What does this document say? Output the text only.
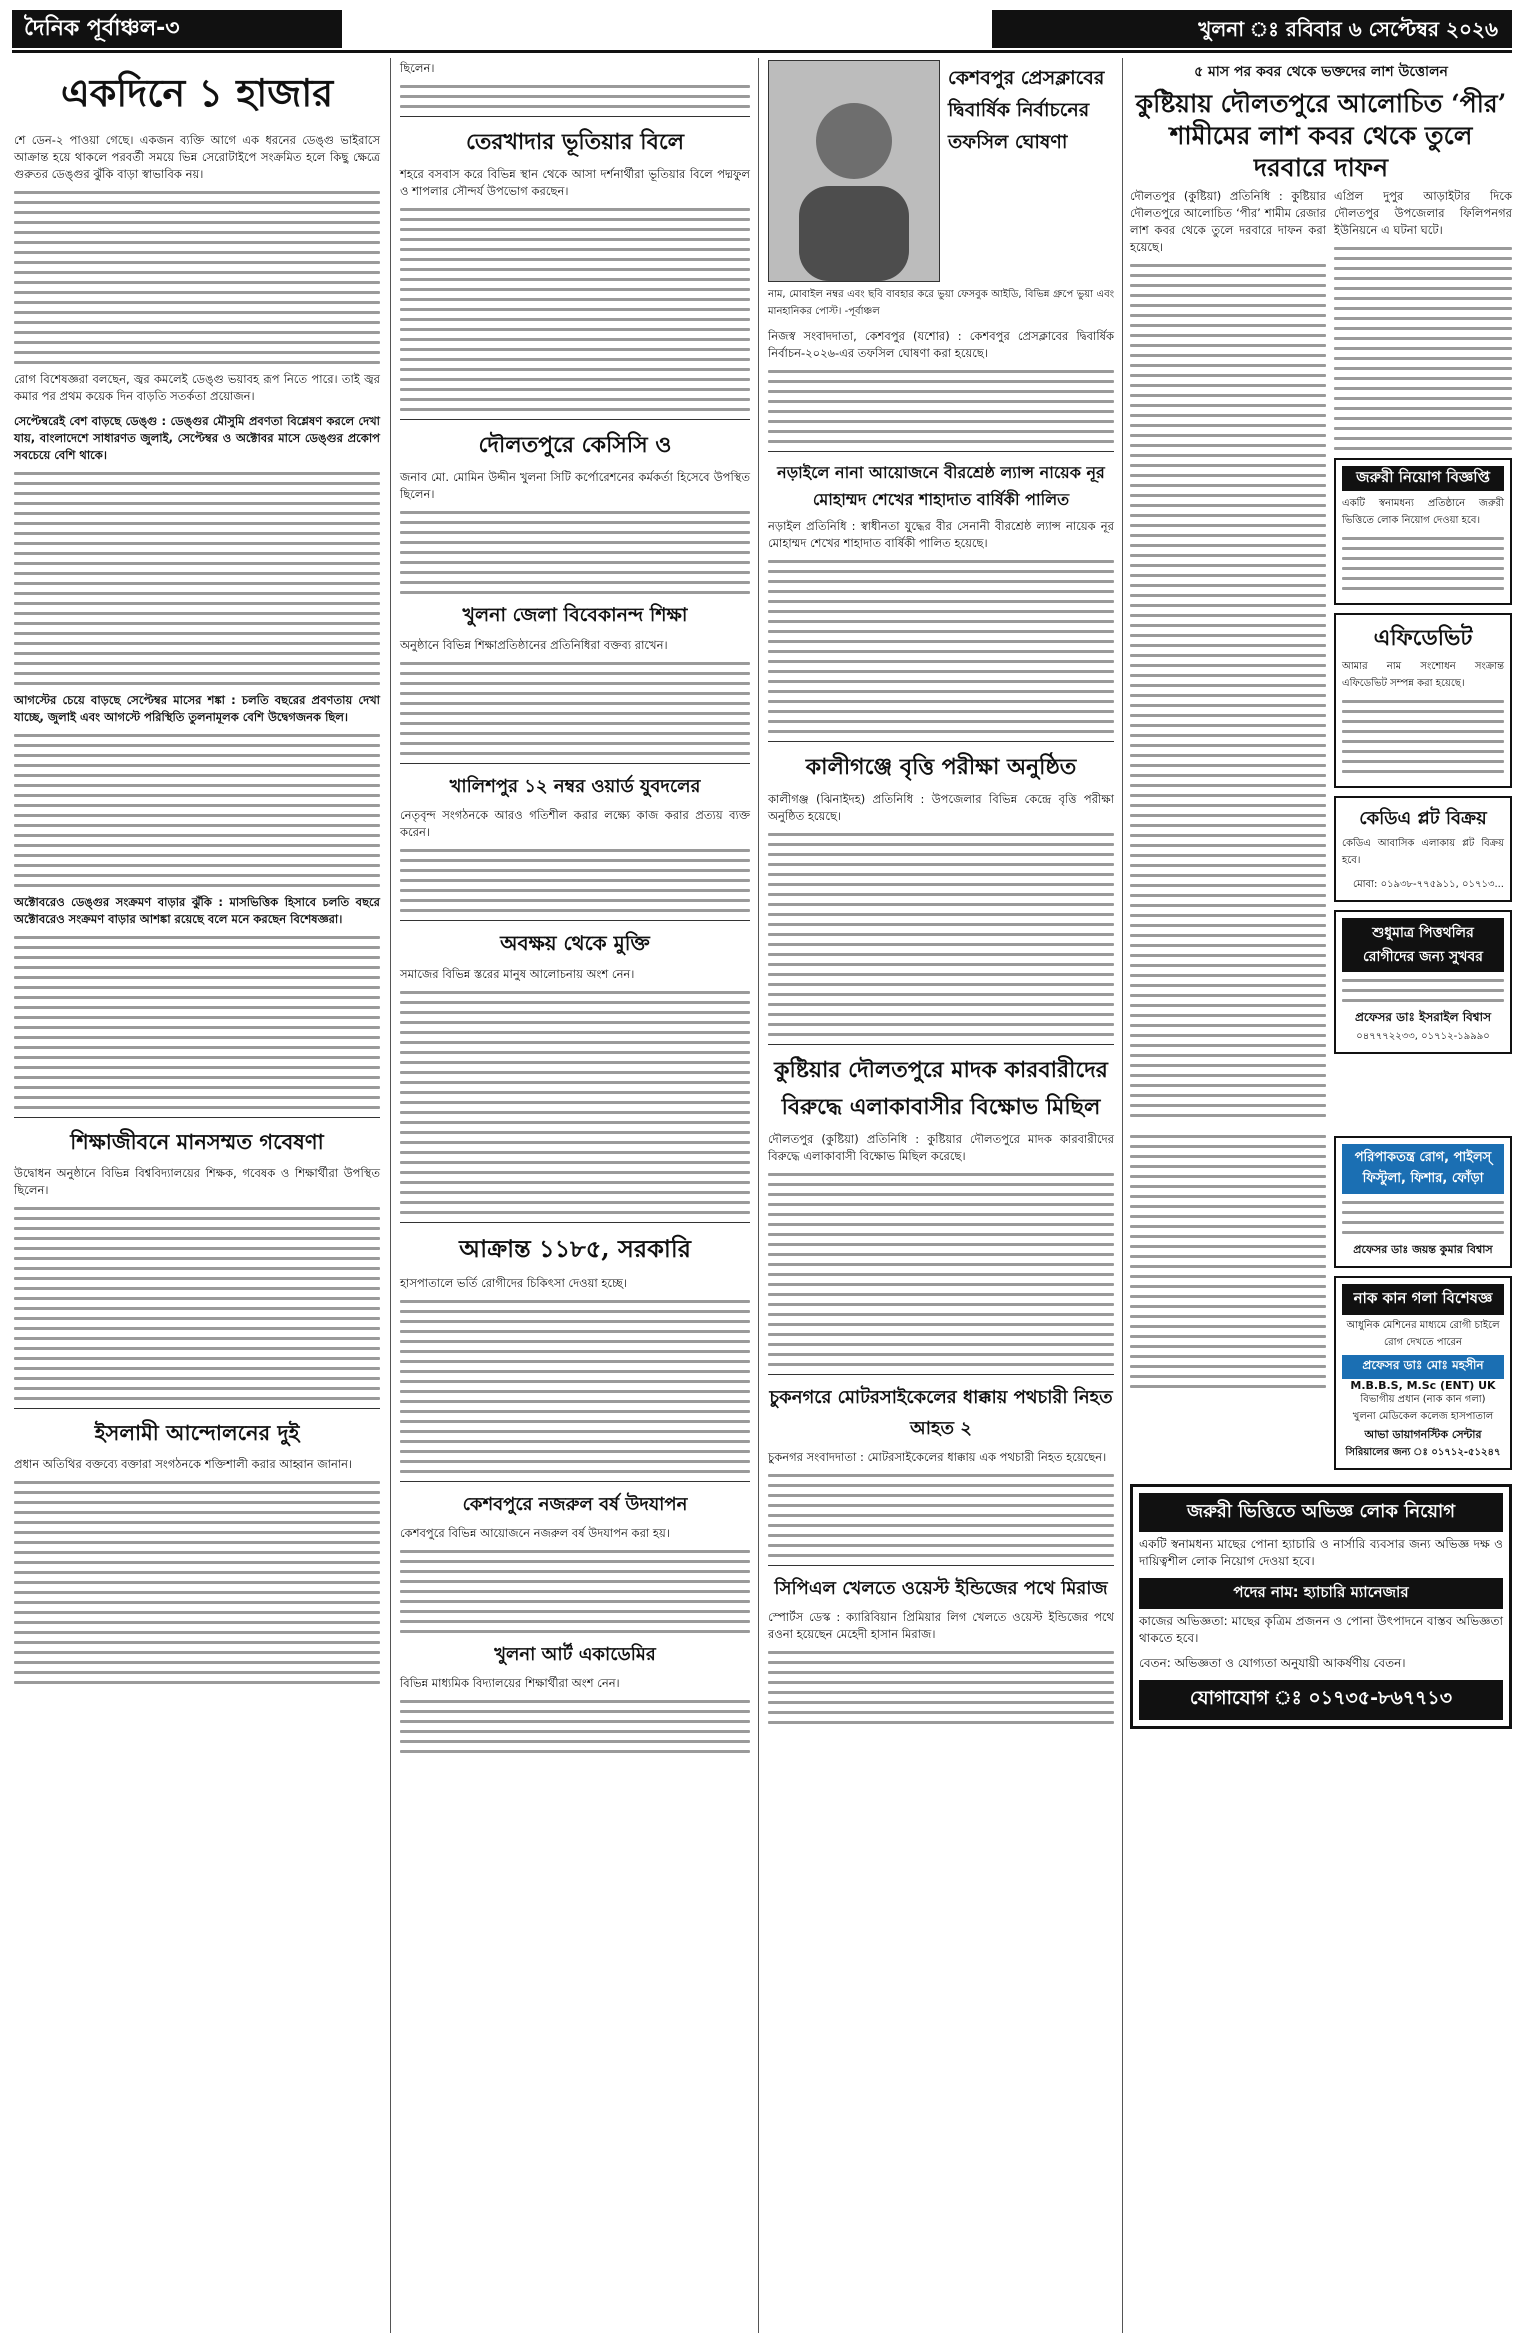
দৈনিক পূর্বাঞ্চল-৩	খুলনা ঃ রবিবার ৬ সেপ্টেম্বর ২০২৬
একদিনে ১ হাজার

শে ডেন-২ পাওয়া গেছে। একজন ব্যক্তি আগে এক ধরনের ডেঙ্গু ভাইরাসে আক্রান্ত হয়ে থাকলে পরবর্তী সময়ে ভিন্ন সেরোটাইপে সংক্রমিত হলে কিছু ক্ষেত্রে গুরুতর ডেঙ্গুর ঝুঁকি বাড়া স্বাভাবিক নয়।

রোগ বিশেষজ্ঞরা বলছেন, জ্বর কমলেই ডেঙ্গু ভয়াবহ রূপ নিতে পারে। তাই জ্বর কমার পর প্রথম কয়েক দিন বাড়তি সতর্কতা প্রয়োজন।

সেপ্টেম্বরেই বেশ বাড়ছে ডেঙ্গু : ডেঙ্গুর মৌসুমি প্রবণতা বিশ্লেষণ করলে দেখা যায়, বাংলাদেশে সাধারণত জুলাই, সেপ্টেম্বর ও অক্টোবর মাসে ডেঙ্গুর প্রকোপ সবচেয়ে বেশি থাকে।

আগস্টের চেয়ে বাড়ছে সেপ্টেম্বর মাসের শঙ্কা : চলতি বছরের প্রবণতায় দেখা যাচ্ছে, জুলাই এবং আগস্টে পরিস্থিতি তুলনামূলক বেশি উদ্বেগজনক ছিল।

অক্টোবরেও ডেঙ্গুর সংক্রমণ বাড়ার ঝুঁকি : মাসভিত্তিক হিসাবে চলতি বছরে অক্টোবরেও সংক্রমণ বাড়ার আশঙ্কা রয়েছে বলে মনে করছেন বিশেষজ্ঞরা।

শিক্ষাজীবনে মানসম্মত গবেষণা

উদ্বোধন অনুষ্ঠানে বিভিন্ন বিশ্ববিদ্যালয়ের শিক্ষক, গবেষক ও শিক্ষার্থীরা উপস্থিত ছিলেন।

ইসলামী আন্দোলনের দুই

প্রধান অতিথির বক্তব্যে বক্তারা সংগঠনকে শক্তিশালী করার আহ্বান জানান।

ছিলেন।

তেরখাদার ভূতিয়ার বিলে

শহরে বসবাস করে বিভিন্ন স্থান থেকে আসা দর্শনার্থীরা ভূতিয়ার বিলে পদ্মফুল ও শাপলার সৌন্দর্য উপভোগ করছেন।

দৌলতপুরে কেসিসি ও

জনাব মো. মোমিন উদ্দীন খুলনা সিটি কর্পোরেশনের কর্মকর্তা হিসেবে উপস্থিত ছিলেন।

খুলনা জেলা বিবেকানন্দ শিক্ষা

অনুষ্ঠানে বিভিন্ন শিক্ষাপ্রতিষ্ঠানের প্রতিনিধিরা বক্তব্য রাখেন।

খালিশপুর ১২ নম্বর ওয়ার্ড যুবদলের

নেতৃবৃন্দ সংগঠনকে আরও গতিশীল করার লক্ষ্যে কাজ করার প্রত্যয় ব্যক্ত করেন।

অবক্ষয় থেকে মুক্তি

সমাজের বিভিন্ন স্তরের মানুষ আলোচনায় অংশ নেন।

আক্রান্ত ১১৮৫, সরকারি

হাসপাতালে ভর্তি রোগীদের চিকিৎসা দেওয়া হচ্ছে।

কেশবপুরে নজরুল বর্ষ উদযাপন

কেশবপুরে বিভিন্ন আয়োজনে নজরুল বর্ষ উদযাপন করা হয়।

খুলনা আর্ট একাডেমির

বিভিন্ন মাধ্যমিক বিদ্যালয়ের শিক্ষার্থীরা অংশ নেন।

কেশবপুর প্রেসক্লাবের দ্বিবার্ষিক নির্বাচনের তফসিল ঘোষণা

নাম, মোবাইল নম্বর এবং ছবি বাবহার করে ভুয়া ফেসবুক আইডি, বিভিন্ন গ্রুপে ভুয়া এবং মানহানিকর পোস্ট। -পূর্বাঞ্চল

নিজস্ব সংবাদদাতা, কেশবপুর (যশোর) : কেশবপুর প্রেসক্লাবের দ্বিবার্ষিক নির্বাচন-২০২৬-এর তফসিল ঘোষণা করা হয়েছে।

নড়াইলে নানা আয়োজনে বীরশ্রেষ্ঠ ল্যান্স নায়েক নূর মোহাম্মদ শেখের শাহাদাত বার্ষিকী পালিত

নড়াইল প্রতিনিধি : স্বাধীনতা যুদ্ধের বীর সেনানী বীরশ্রেষ্ঠ ল্যান্স নায়েক নূর মোহাম্মদ শেখের শাহাদাত বার্ষিকী পালিত হয়েছে।

কালীগঞ্জে বৃত্তি পরীক্ষা অনুষ্ঠিত

কালীগঞ্জ (ঝিনাইদহ) প্রতিনিধি : উপজেলার বিভিন্ন কেন্দ্রে বৃত্তি পরীক্ষা অনুষ্ঠিত হয়েছে।

কুষ্টিয়ার দৌলতপুরে মাদক কারবারীদের বিরুদ্ধে এলাকাবাসীর বিক্ষোভ মিছিল

দৌলতপুর (কুষ্টিয়া) প্রতিনিধি : কুষ্টিয়ার দৌলতপুরে মাদক কারবারীদের বিরুদ্ধে এলাকাবাসী বিক্ষোভ মিছিল করেছে।

চুকনগরে মোটরসাইকেলের ধাক্কায় পথচারী নিহত আহত ২

চুকনগর সংবাদদাতা : মোটরসাইকেলের ধাক্কায় এক পথচারী নিহত হয়েছেন।

সিপিএল খেলতে ওয়েস্ট ইন্ডিজের পথে মিরাজ

স্পোর্টস ডেস্ক : ক্যারিবিয়ান প্রিমিয়ার লিগ খেলতে ওয়েস্ট ইন্ডিজের পথে রওনা হয়েছেন মেহেদী হাসান মিরাজ।

৫ মাস পর কবর থেকে ভক্তদের লাশ উত্তোলন
কুষ্টিয়ায় দৌলতপুরে আলোচিত ‘পীর’ শামীমের লাশ কবর থেকে তুলে দরবারে দাফন

দৌলতপুর (কুষ্টিয়া) প্রতিনিধি : কুষ্টিয়ার দৌলতপুরে আলোচিত ‘পীর’ শামীম রেজার লাশ কবর থেকে তুলে দরবারে দাফন করা হয়েছে।

এপ্রিল দুপুর আড়াইটার দিকে দৌলতপুর উপজেলার ফিলিপনগর ইউনিয়নে এ ঘটনা ঘটে।

জরুরী নিয়োগ বিজ্ঞপ্তি

একটি স্বনামধন্য প্রতিষ্ঠানে জরুরী ভিত্তিতে লোক নিয়োগ দেওয়া হবে।

এফিডেভিট

আমার নাম সংশোধন সংক্রান্ত এফিডেভিট সম্পন্ন করা হয়েছে।

কেডিএ প্লট বিক্রয়

কেডিএ আবাসিক এলাকায় প্লট বিক্রয় হবে।

মোবা: ০১৯৩৮-৭৭৫৯১১, ০১৭১৩...
শুধুমাত্র পিত্তথলির রোগীদের জন্য সুখবর
প্রফেসর ডাঃ ইসরাইল বিশ্বাস
০৪৭৭৭২২৩৩, ০১৭১২-১৯৯৯০
পরিপাকতন্ত্র রোগ, পাইলস্ ফিস্টুলা, ফিশার, ফোঁড়া
প্রফেসর ডাঃ জয়ন্ত কুমার বিশ্বাস
নাক কান গলা বিশেষজ্ঞ
আধুনিক মেশিনের মাধ্যমে রোগী চাইলে রোগ দেখতে পারেন
প্রফেসর ডাঃ মোঃ মহসীন
M.B.B.S, M.Sc (ENT) UK
বিভাগীয় প্রধান (নাক কান গলা)
খুলনা মেডিকেল কলেজ হাসপাতাল
আভা ডায়াগনস্টিক সেন্টার
সিরিয়ালের জন্য ঃ ০১৭১২-৫১২৪৭
জরুরী ভিত্তিতে অভিজ্ঞ লোক নিয়োগ

একটি স্বনামধন্য মাছের পোনা হ্যাচারি ও নার্সারি ব্যবসার জন্য অভিজ্ঞ দক্ষ ও দায়িত্বশীল লোক নিয়োগ দেওয়া হবে।

পদের নাম: হ্যাচারি ম্যানেজার

কাজের অভিজ্ঞতা: মাছের কৃত্রিম প্রজনন ও পোনা উৎপাদনে বাস্তব অভিজ্ঞতা থাকতে হবে।

বেতন: অভিজ্ঞতা ও যোগ্যতা অনুযায়ী আকর্ষণীয় বেতন।

যোগাযোগ ঃ ০১৭৩৫-৮৬৭৭১৩
